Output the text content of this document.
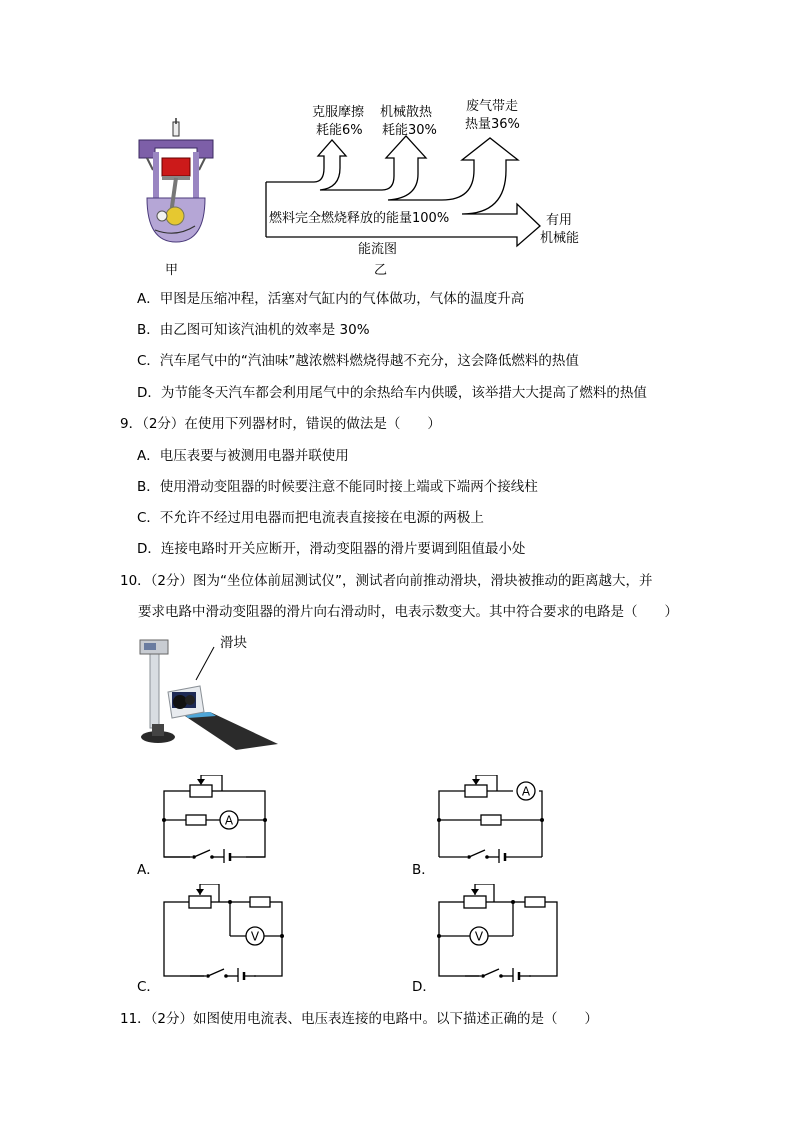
克服摩擦
耗能6%
机械散热
耗能30%
废气带走
热量36%
燃料完全燃烧释放的能量100%	有用
机械能
能流图
甲	乙
A．甲图是压缩冲程，活塞对气缸内的气体做功，气体的温度升高
B．由乙图可知该汽油机的效率是 30%
C．汽车尾气中的“汽油味”越浓燃料燃烧得越不充分，这会降低燃料的热值
D．为节能冬天汽车都会利用尾气中的余热给车内供暖，该举措大大提高了燃料的热值
9．（2分）在使用下列器材时，错误的做法是（　　）
A．电压表要与被测用电器并联使用
B．使用滑动变阻器的时候要注意不能同时接上端或下端两个接线柱
C．不允许不经过用电器而把电流表直接接在电源的两极上
D．连接电路时开关应断开，滑动变阻器的滑片要调到阻值最小处
10．（2分）图为“坐位体前屈测试仪”，测试者向前推动滑块，滑块被推动的距离越大，并
要求电路中滑动变阻器的滑片向右滑动时，电表示数变大。其中符合要求的电路是（　　）
滑块
A
A．
A
B．
V
C．
V
D．
11．（2分）如图使用电流表、电压表连接的电路中。以下描述正确的是（　　）
